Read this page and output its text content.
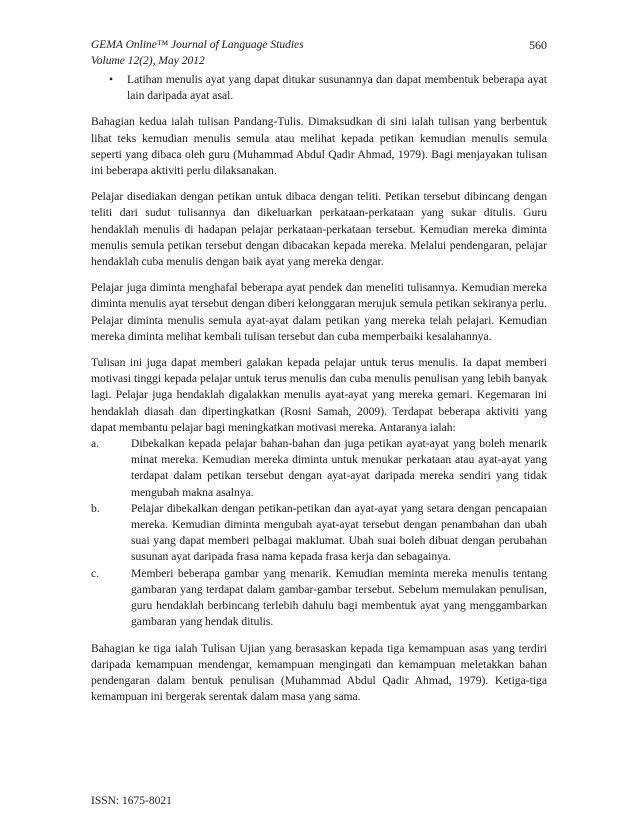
GEMA Online™ Journal of Language Studies
Volume 12(2), May 2012
560
•	Latihan menulis ayat yang dapat ditukar susunannya dan dapat membentuk beberapa ayat lain daripada ayat asal.

Bahagian kedua ialah tulisan Pandang-Tulis. Dimaksudkan di sini ialah tulisan yang berbentuk lihat teks kemudian menulis semula atau melihat kepada petikan kemudian menulis semula seperti yang dibaca oleh guru (Muhammad Abdul Qadir Ahmad, 1979). Bagi menjayakan tulisan ini beberapa aktiviti perlu dilaksanakan.

Pelajar disediakan dengan petikan untuk dibaca dengan teliti. Petikan tersebut dibincang dengan teliti dari sudut tulisannya dan dikeluarkan perkataan-perkataan yang sukar ditulis. Guru hendaklah menulis di hadapan pelajar perkataan-perkataan tersebut. Kemudian mereka diminta menulis semula petikan tersebut dengan dibacakan kepada mereka. Melalui pendengaran, pelajar hendaklah cuba menulis dengan baik ayat yang mereka dengar.

Pelajar juga diminta menghafal beberapa ayat pendek dan meneliti tulisannya. Kemudian mereka diminta menulis ayat tersebut dengan diberi kelonggaran merujuk semula petikan sekiranya perlu. Pelajar diminta menulis semula ayat-ayat dalam petikan yang mereka telah pelajari. Kemudian mereka diminta melihat kembali tulisan tersebut dan cuba memperbaiki kesalahannya.

Tulisan ini juga dapat memberi galakan kepada pelajar untuk terus menulis. Ia dapat memberi motivasi tinggi kepada pelajar untuk terus menulis dan cuba menulis penulisan yang lebih banyak lagi. Pelajar juga hendaklah digalakkan menulis ayat-ayat yang mereka gemari. Kegemaran ini hendaklah diasah dan dipertingkatkan (Rosni Samah, 2009). Terdapat beberapa aktiviti yang dapat membantu pelajar bagi meningkatkan motivasi mereka. Antaranya ialah:

a.	Dibekalkan kepada pelajar bahan-bahan dan juga petikan ayat-ayat yang boleh menarik minat mereka. Kemudian mereka diminta untuk menukar perkataan atau ayat-ayat yang terdapat dalam petikan tersebut dengan ayat-ayat daripada mereka sendiri yang tidak mengubah makna asalnya.
b.	Pelajar dibekalkan dengan petikan-petikan dan ayat-ayat yang setara dengan pencapaian mereka. Kemudian diminta mengubah ayat-ayat tersebut dengan penambahan dan ubah suai yang dapat memberi pelbagai maklumat. Ubah suai boleh dibuat dengan perubahan susunan ayat daripada frasa nama kepada frasa kerja dan sebagainya.
c.	Memberi beberapa gambar yang menarik. Kemudian meminta mereka menulis tentang gambaran yang terdapat dalam gambar-gambar tersebut. Sebelum memulakan penulisan, guru hendaklah berbincang terlebih dahulu bagi membentuk ayat yang menggambarkan gambaran yang hendak ditulis.

Bahagian ke tiga ialah Tulisan Ujian yang berasaskan kepada tiga kemampuan asas yang terdiri daripada kemampuan mendengar, kemampuan mengingati dan kemampuan meletakkan bahan pendengaran dalam bentuk penulisan (Muhammad Abdul Qadir Ahmad, 1979). Ketiga-tiga kemampuan ini bergerak serentak dalam masa yang sama.

ISSN: 1675-8021
